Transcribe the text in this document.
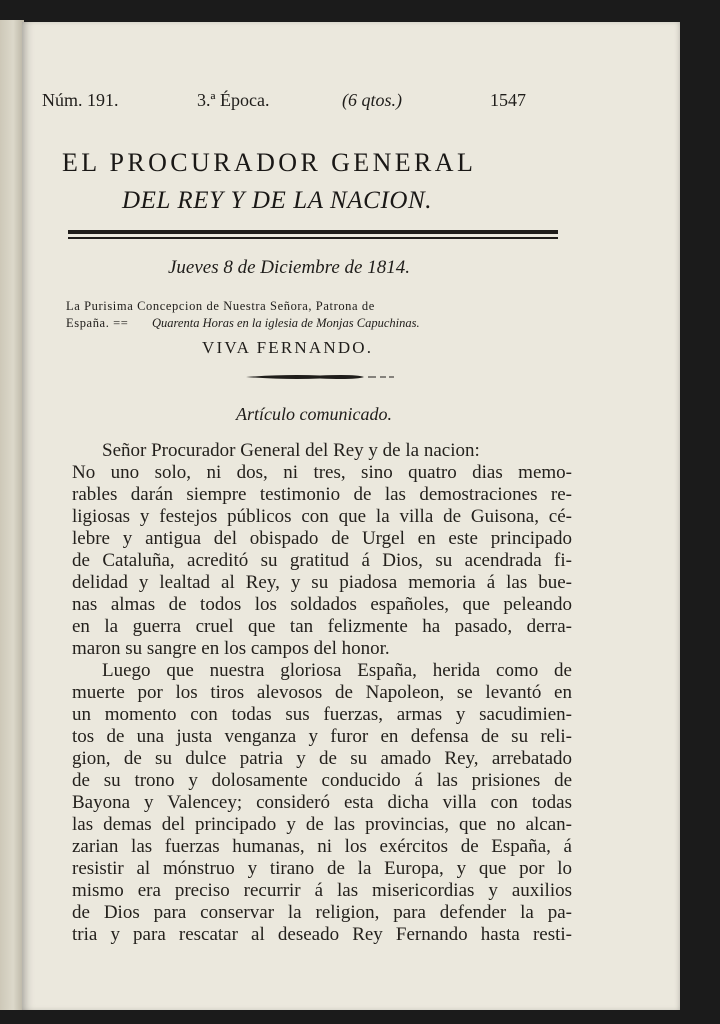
Núm. 191.	3.ª Época.	(6 qtos.)	1547
EL PROCURADOR GENERAL
DEL REY Y DE LA NACION.
Jueves 8 de Diciembre de 1814.
La Purisima Concepcion de Nuestra Señora, Patrona de
España. == Quarenta Horas en la iglesia de Monjas Capuchinas.
VIVA FERNANDO.
Artículo comunicado.
Señor Procurador General del Rey y de la nacion:
No uno solo, ni dos, ni tres, sino quatro dias memo-
rables darán siempre testimonio de las demostraciones re-
ligiosas y festejos públicos con que la villa de Guisona, cé-
lebre y antigua del obispado de Urgel en este principado
de Cataluña, acreditó su gratitud á Dios, su acendrada fi-
delidad y lealtad al Rey, y su piadosa memoria á las bue-
nas almas de todos los soldados españoles, que peleando
en la guerra cruel que tan felizmente ha pasado, derra-
maron su sangre en los campos del honor.
Luego que nuestra gloriosa España, herida como de
muerte por los tiros alevosos de Napoleon, se levantó en
un momento con todas sus fuerzas, armas y sacudimien-
tos de una justa venganza y furor en defensa de su reli-
gion, de su dulce patria y de su amado Rey, arrebatado
de su trono y dolosamente conducido á las prisiones de
Bayona y Valencey; consideró esta dicha villa con todas
las demas del principado y de las provincias, que no alcan-
zarian las fuerzas humanas, ni los exércitos de España, á
resistir al mónstruo y tirano de la Europa, y que por lo
mismo era preciso recurrir á las misericordias y auxilios
de Dios para conservar la religion, para defender la pa-
tria y para rescatar al deseado Rey Fernando hasta resti-
